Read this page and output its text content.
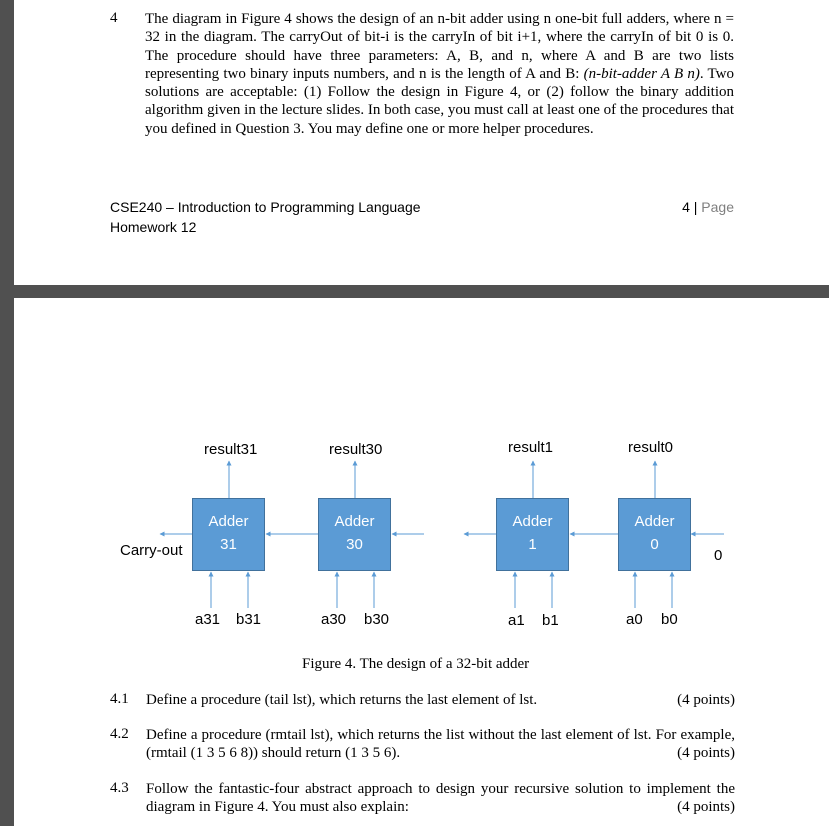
4 The diagram in Figure 4 shows the design of an n-bit adder using n one-bit full adders, where n = 32 in the diagram. The carryOut of bit-i is the carryIn of bit i+1, where the carryIn of bit 0 is 0. The procedure should have three parameters: A, B, and n, where A and B are two lists representing two binary inputs numbers, and n is the length of A and B: (n-bit-adder A B n). Two solutions are acceptable: (1) Follow the design in Figure 4, or (2) follow the binary addition algorithm given in the lecture slides. In both case, you must call at least one of the procedures that you defined in Question 3. You may define one or more helper procedures.
CSE240 – Introduction to Programming Language
Homework 12
4 | Page
result31	result30	result1	result0
Adder
31
Adder
30
Adder
1
Adder
0
Carry-out	0
a31 b31	a30 b30	a1 b1	a0 b0
Figure 4. The design of a 32-bit adder
4.1 Define a procedure (tail lst), which returns the last element of lst.	(4 points)
4.2 Define a procedure (rmtail lst), which returns the list without the last element of lst. For example, (rmtail (1 3 5 6 8)) should return (1 3 5 6).	(4 points)
4.3 Follow the fantastic-four abstract approach to design your recursive solution to implement the diagram in Figure 4. You must also explain:	(4 points)
